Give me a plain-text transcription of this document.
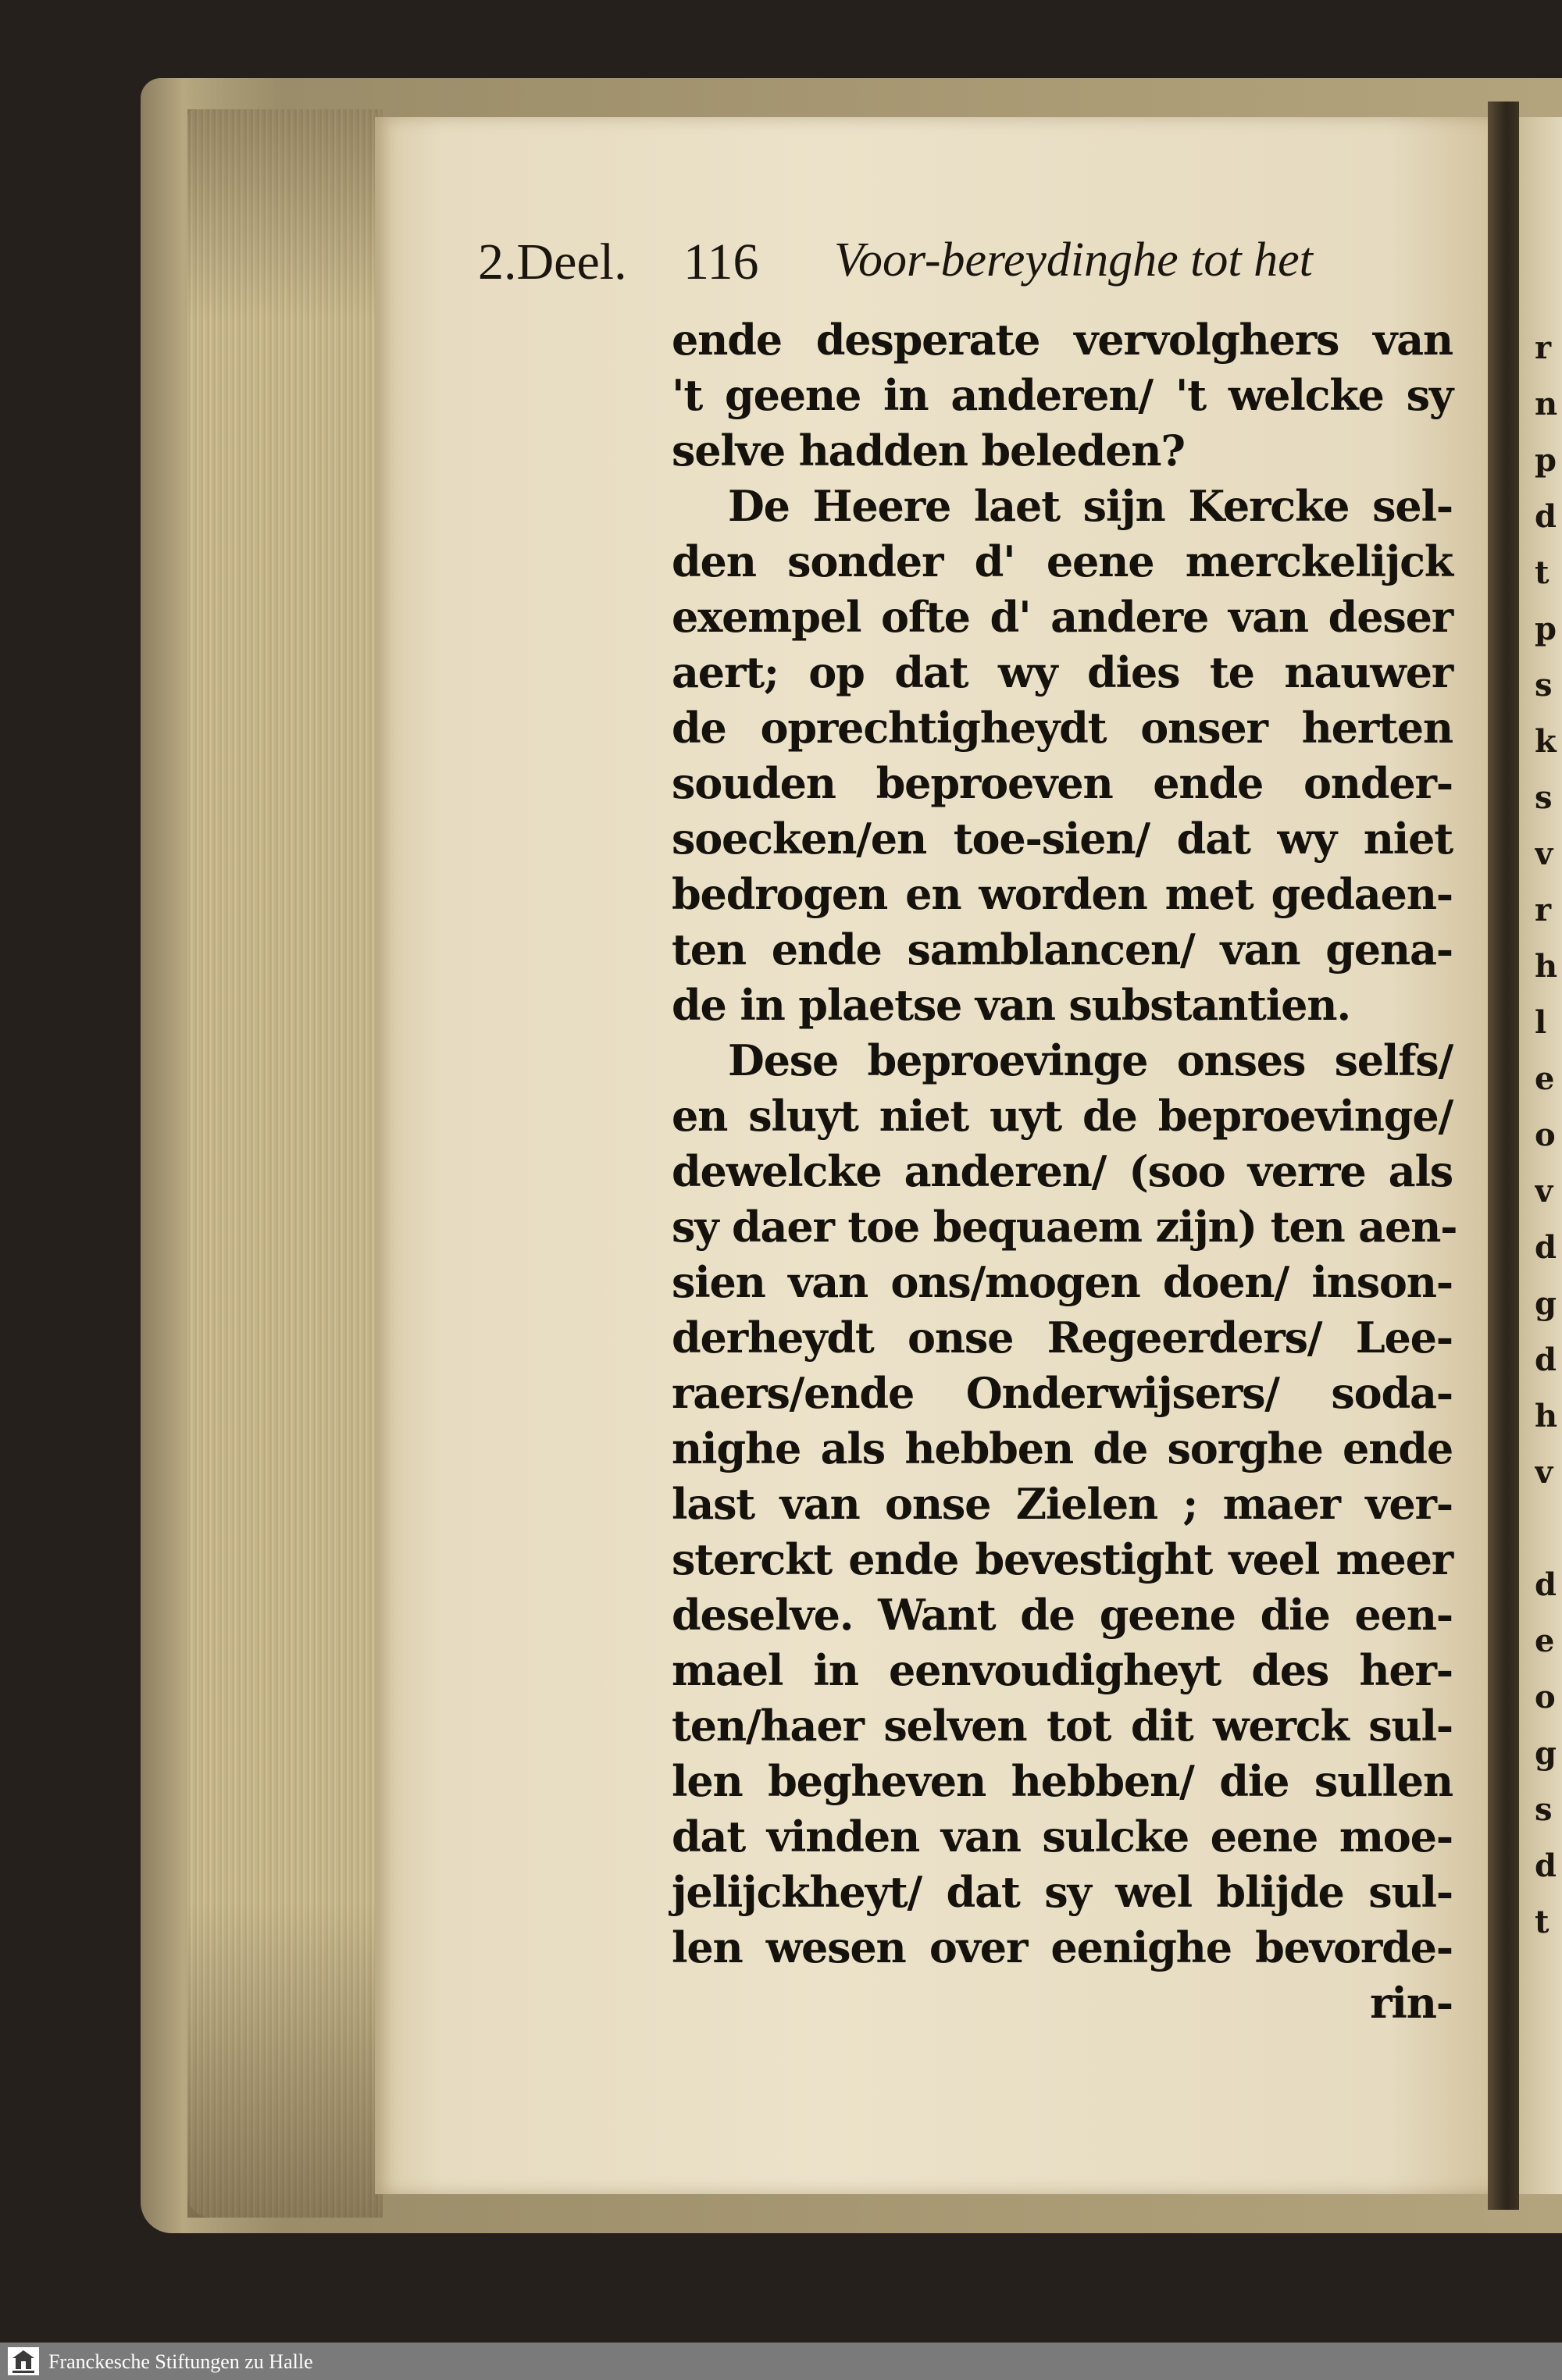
r
n
p
d
t
p
s
k
s
v
r
h
l
e
o
v
d
g
d
h
v

d
e
o
g
s
d
t
2.Deel. 116 Voor-bereydinghe tot het
ende desperate vervolghers van
't geene in anderen/ 't welcke sy
selve hadden beleden?
De Heere laet sijn Kercke sel-
den sonder d' eene merckelijck
exempel ofte d' andere van deser
aert; op dat wy dies te nauwer
de oprechtigheydt onser herten
souden beproeven ende onder-
soecken/en toe-sien/ dat wy niet
bedrogen en worden met gedaen-
ten ende samblancen/ van gena-
de in plaetse van substantien.
Dese beproevinge onses selfs/
en sluyt niet uyt de beproevinge/
dewelcke anderen/ (soo verre als
sy daer toe bequaem zijn) ten aen-
sien van ons/mogen doen/ inson-
derheydt onse Regeerders/ Lee-
raers/ende Onderwijsers/ soda-
nighe als hebben de sorghe ende
last van onse Zielen ; maer ver-
sterckt ende bevestight veel meer
deselve. Want de geene die een-
mael in eenvoudigheyt des her-
ten/haer selven tot dit werck sul-
len begheven hebben/ die sullen
dat vinden van sulcke eene moe-
jelijckheyt/ dat sy wel blijde sul-
len wesen over eenighe bevorde-
rin-
Franckesche Stiftungen zu Halle
